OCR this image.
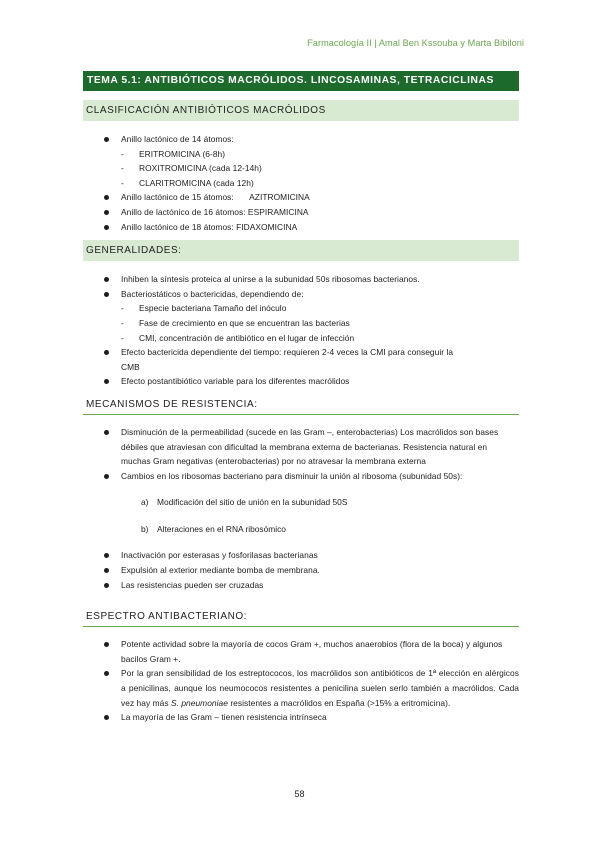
Farmacología II | Amal Ben Kssouba y Marta Bibiloni
TEMA 5.1: ANTIBIÓTICOS MACRÓLIDOS. LINCOSAMINAS, TETRACICLINAS
CLASIFICACIÓN ANTIBIÓTICOS MACRÓLIDOS
Anillo lactónico de 14 átomos:
- ERITROMICINA (6-8h)
- ROXITROMICINA (cada 12-14h)
- CLARITROMICINA (cada 12h)
Anillo lactónico de 15 átomos: AZITROMICINA
Anillo de lactónico de 16 átomos: ESPIRAMICINA
Anillo lactónico de 18 átomos: FIDAXOMICINA
GENERALIDADES:
Inhiben la síntesis proteica al unirse a la subunidad 50s ribosomas bacterianos.
Bacteriostáticos o bactericidas, dependiendo de:
- Especie bacteriana Tamaño del inóculo
- Fase de crecimiento en que se encuentran las bacterias
- CMI, concentración de antibiótico en el lugar de infección
Efecto bactericida dependiente del tiempo: requieren 2-4 veces la CMI para conseguir la
CMB
Efecto postantibiótico variable para los diferentes macrólidos
MECANISMOS DE RESISTENCIA:
Disminución de la permeabilidad (sucede en las Gram –, enterobacterias) Los macrólidos son bases débiles que atraviesan con dificultad la membrana externa de bacterianas. Resistencia natural en muchas Gram negativas (enterobacterias) por no atravesar la membrana externa
Cambios en los ribosomas bacteriano para disminuir la unión al ribosoma (subunidad 50s):
a) Modificación del sitio de unión en la subunidad 50S
b) Alteraciones en el RNA ribosómico
Inactivación por esterasas y fosforilasas bacterianas
Expulsión al exterior mediante bomba de membrana.
Las resistencias pueden ser cruzadas
ESPECTRO ANTIBACTERIANO:
Potente actividad sobre la mayoría de cocos Gram +, muchos anaerobios (flora de la boca) y algunos bacilos Gram +.
Por la gran sensibilidad de los estreptococos, los macrólidos son antibióticos de 1ª elección en alérgicos a penicilinas, aunque los neumococos resistentes a penicilina suelen serlo también a macrólidos. Cada vez hay más S. pneumoniae resistentes a macrólidos en España (>15% a eritromicina).
La mayoría de las Gram – tienen resistencia intrínseca
58
